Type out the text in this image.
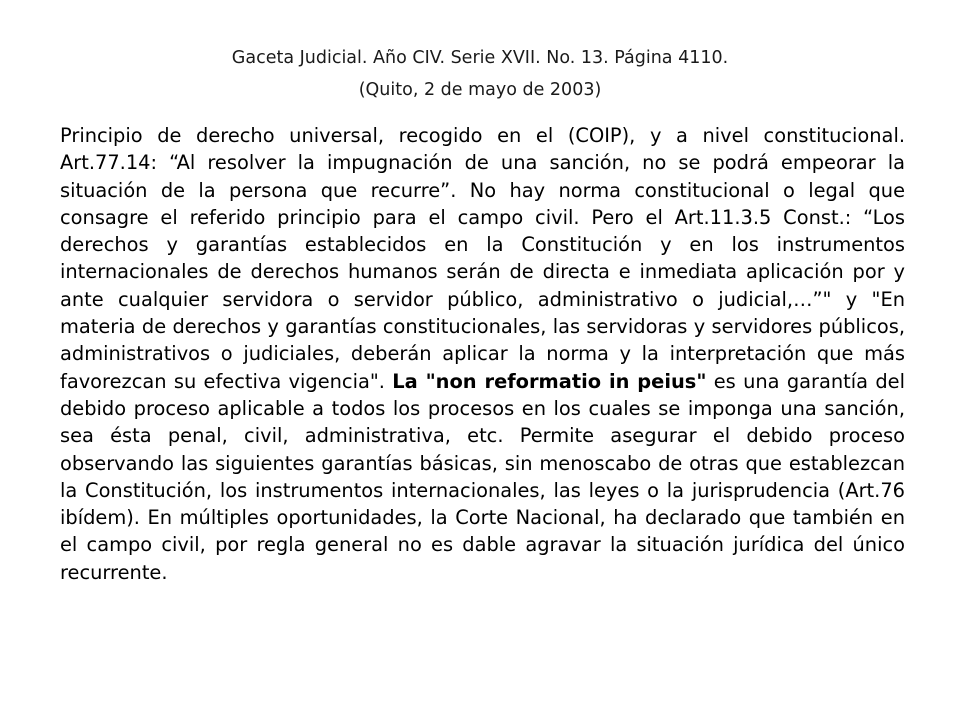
Gaceta Judicial. Año CIV. Serie XVII. No. 13. Página 4110.
(Quito, 2 de mayo de 2003)

Principio de derecho universal, recogido en el (COIP), y a nivel constitucional. Art.77.14: “Al resolver la impugnación de una sanción, no se podrá empeorar la situación de la persona que recurre”. No hay norma constitucional o legal que consagre el referido principio para el campo civil. Pero el Art.11.3.5 Const.: “Los derechos y garantías establecidos en la Constitución y en los instrumentos internacionales de derechos humanos serán de directa e inmediata aplicación por y ante cualquier servidora o servidor público, administrativo o judicial,…”" y "En materia de derechos y garantías constitucionales, las servidoras y servidores públicos, administrativos o judiciales, deberán aplicar la norma y la interpretación que más favorezcan su efectiva vigencia". La "non reformatio in peius" es una garantía del debido proceso aplicable a todos los procesos en los cuales se imponga una sanción, sea ésta penal, civil, administrativa, etc. Permite asegurar el debido proceso observando las siguientes garantías básicas, sin menoscabo de otras que establezcan la Constitución, los instrumentos internacionales, las leyes o la jurisprudencia (Art.76 ibídem). En múltiples oportunidades, la Corte Nacional, ha declarado que también en el campo civil, por regla general no es dable agravar la situación jurídica del único recurrente.
